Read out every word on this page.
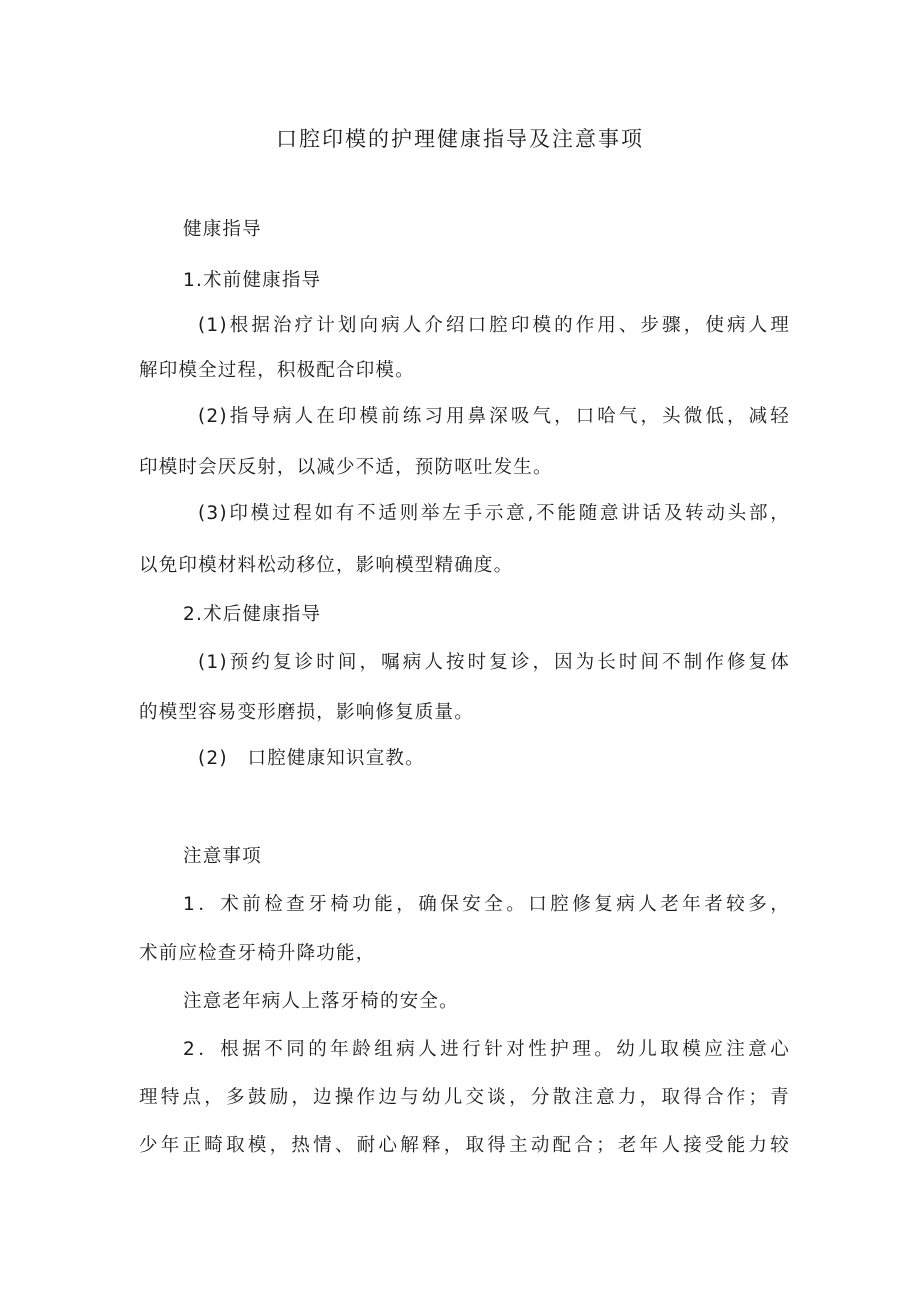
口腔印模的护理健康指导及注意事项
健康指导
1.术前健康指导
(1)根据治疗计划向病人介绍口腔印模的作用、步骤，使病人理
解印模全过程，积极配合印模。
(2)指导病人在印模前练习用鼻深吸气，口哈气，头微低，减轻
印模时会厌反射，以减少不适，预防呕吐发生。
(3)印模过程如有不适则举左手示意,不能随意讲话及转动头部，
以免印模材料松动移位，影响模型精确度。
2.术后健康指导
(1)预约复诊时间，嘱病人按时复诊，因为长时间不制作修复体
的模型容易变形磨损，影响修复质量。
(2)　口腔健康知识宣教。
注意事项
1．术前检查牙椅功能，确保安全。口腔修复病人老年者较多，
术前应检查牙椅升降功能，
注意老年病人上落牙椅的安全。
2．根据不同的年龄组病人进行针对性护理。幼儿取模应注意心
理特点，多鼓励，边操作边与幼儿交谈，分散注意力，取得合作；青
少年正畸取模，热情、耐心解释，取得主动配合；老年人接受能力较
